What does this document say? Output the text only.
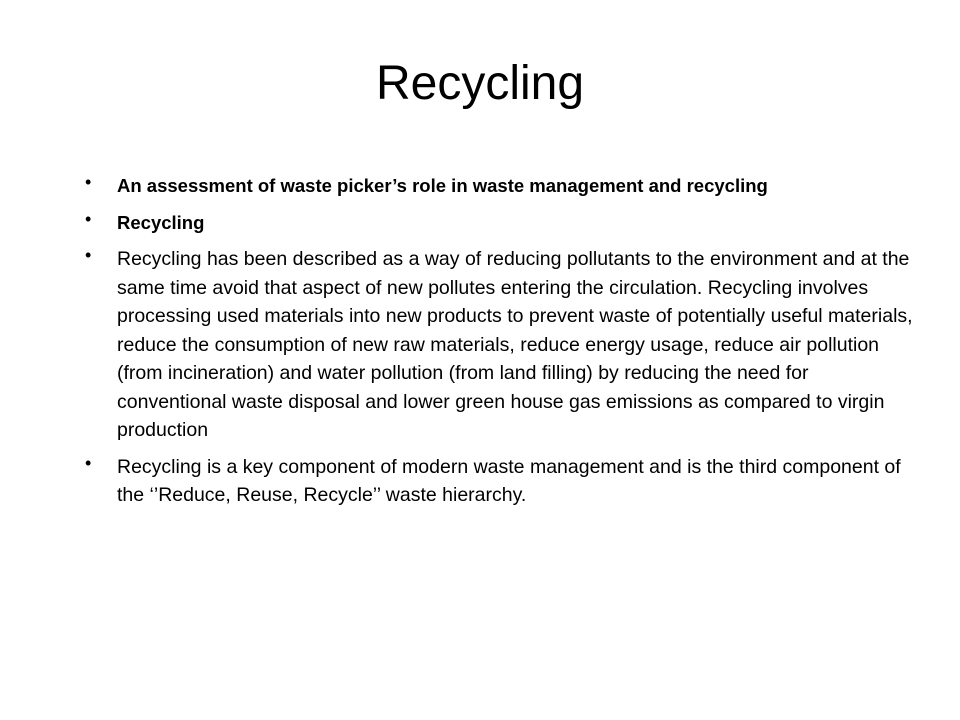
Recycling
• An assessment of waste picker’s role in waste management and recycling
• Recycling
• Recycling has been described as a way of reducing pollutants to the environment and at the same time avoid that aspect of new pollutes entering the circulation. Recycling involves processing used materials into new products to prevent waste of potentially useful materials, reduce the consumption of new raw materials, reduce energy usage, reduce air pollution (from incineration) and water pollution (from land filling) by reducing the need for conventional waste disposal and lower green house gas emissions as compared to virgin production
• Recycling is a key component of modern waste management and is the third component of the ‘’Reduce, Reuse, Recycle’’ waste hierarchy.
